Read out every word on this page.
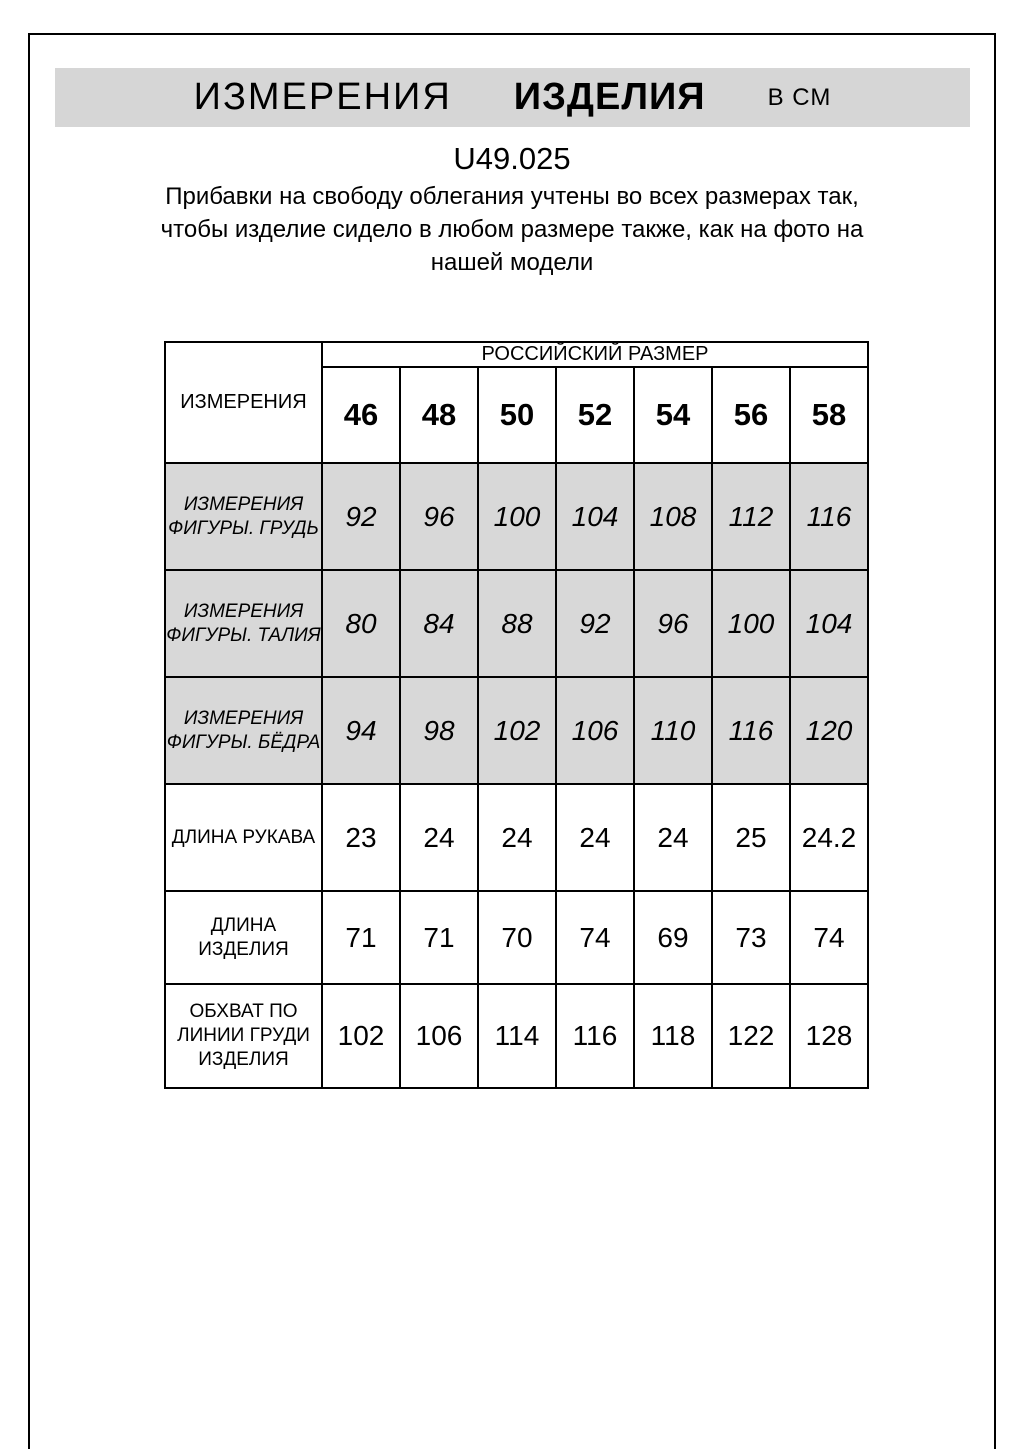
ИЗМЕРЕНИЯ ИЗДЕЛИЯ	В СМ
U49.025
Прибавки на свободу облегания учтены во всех размерах так,
чтобы изделие сидело в любом размере также, как на фото на
нашей модели
ИЗМЕРЕНИЯ	РОССИЙСКИЙ РАЗМЕР						
	46	48	50	52	54	56	58

ИЗМЕРЕНИЯ
ФИГУРЫ. ГРУДЬ	92	96	100	104	108	112	116

ИЗМЕРЕНИЯ
ФИГУРЫ. ТАЛИЯ	80	84	88	92	96	100	104

ИЗМЕРЕНИЯ
ФИГУРЫ. БЁДРА	94	98	102	106	110	116	120

ДЛИНА РУКАВА	23	24	24	24	24	25	24.2

ДЛИНА ИЗДЕЛИЯ	71	71	70	74	69	73	74

ОБХВАТ ПО
ЛИНИИ ГРУДИ
ИЗДЕЛИЯ	102	106	114	116	118	122	128
